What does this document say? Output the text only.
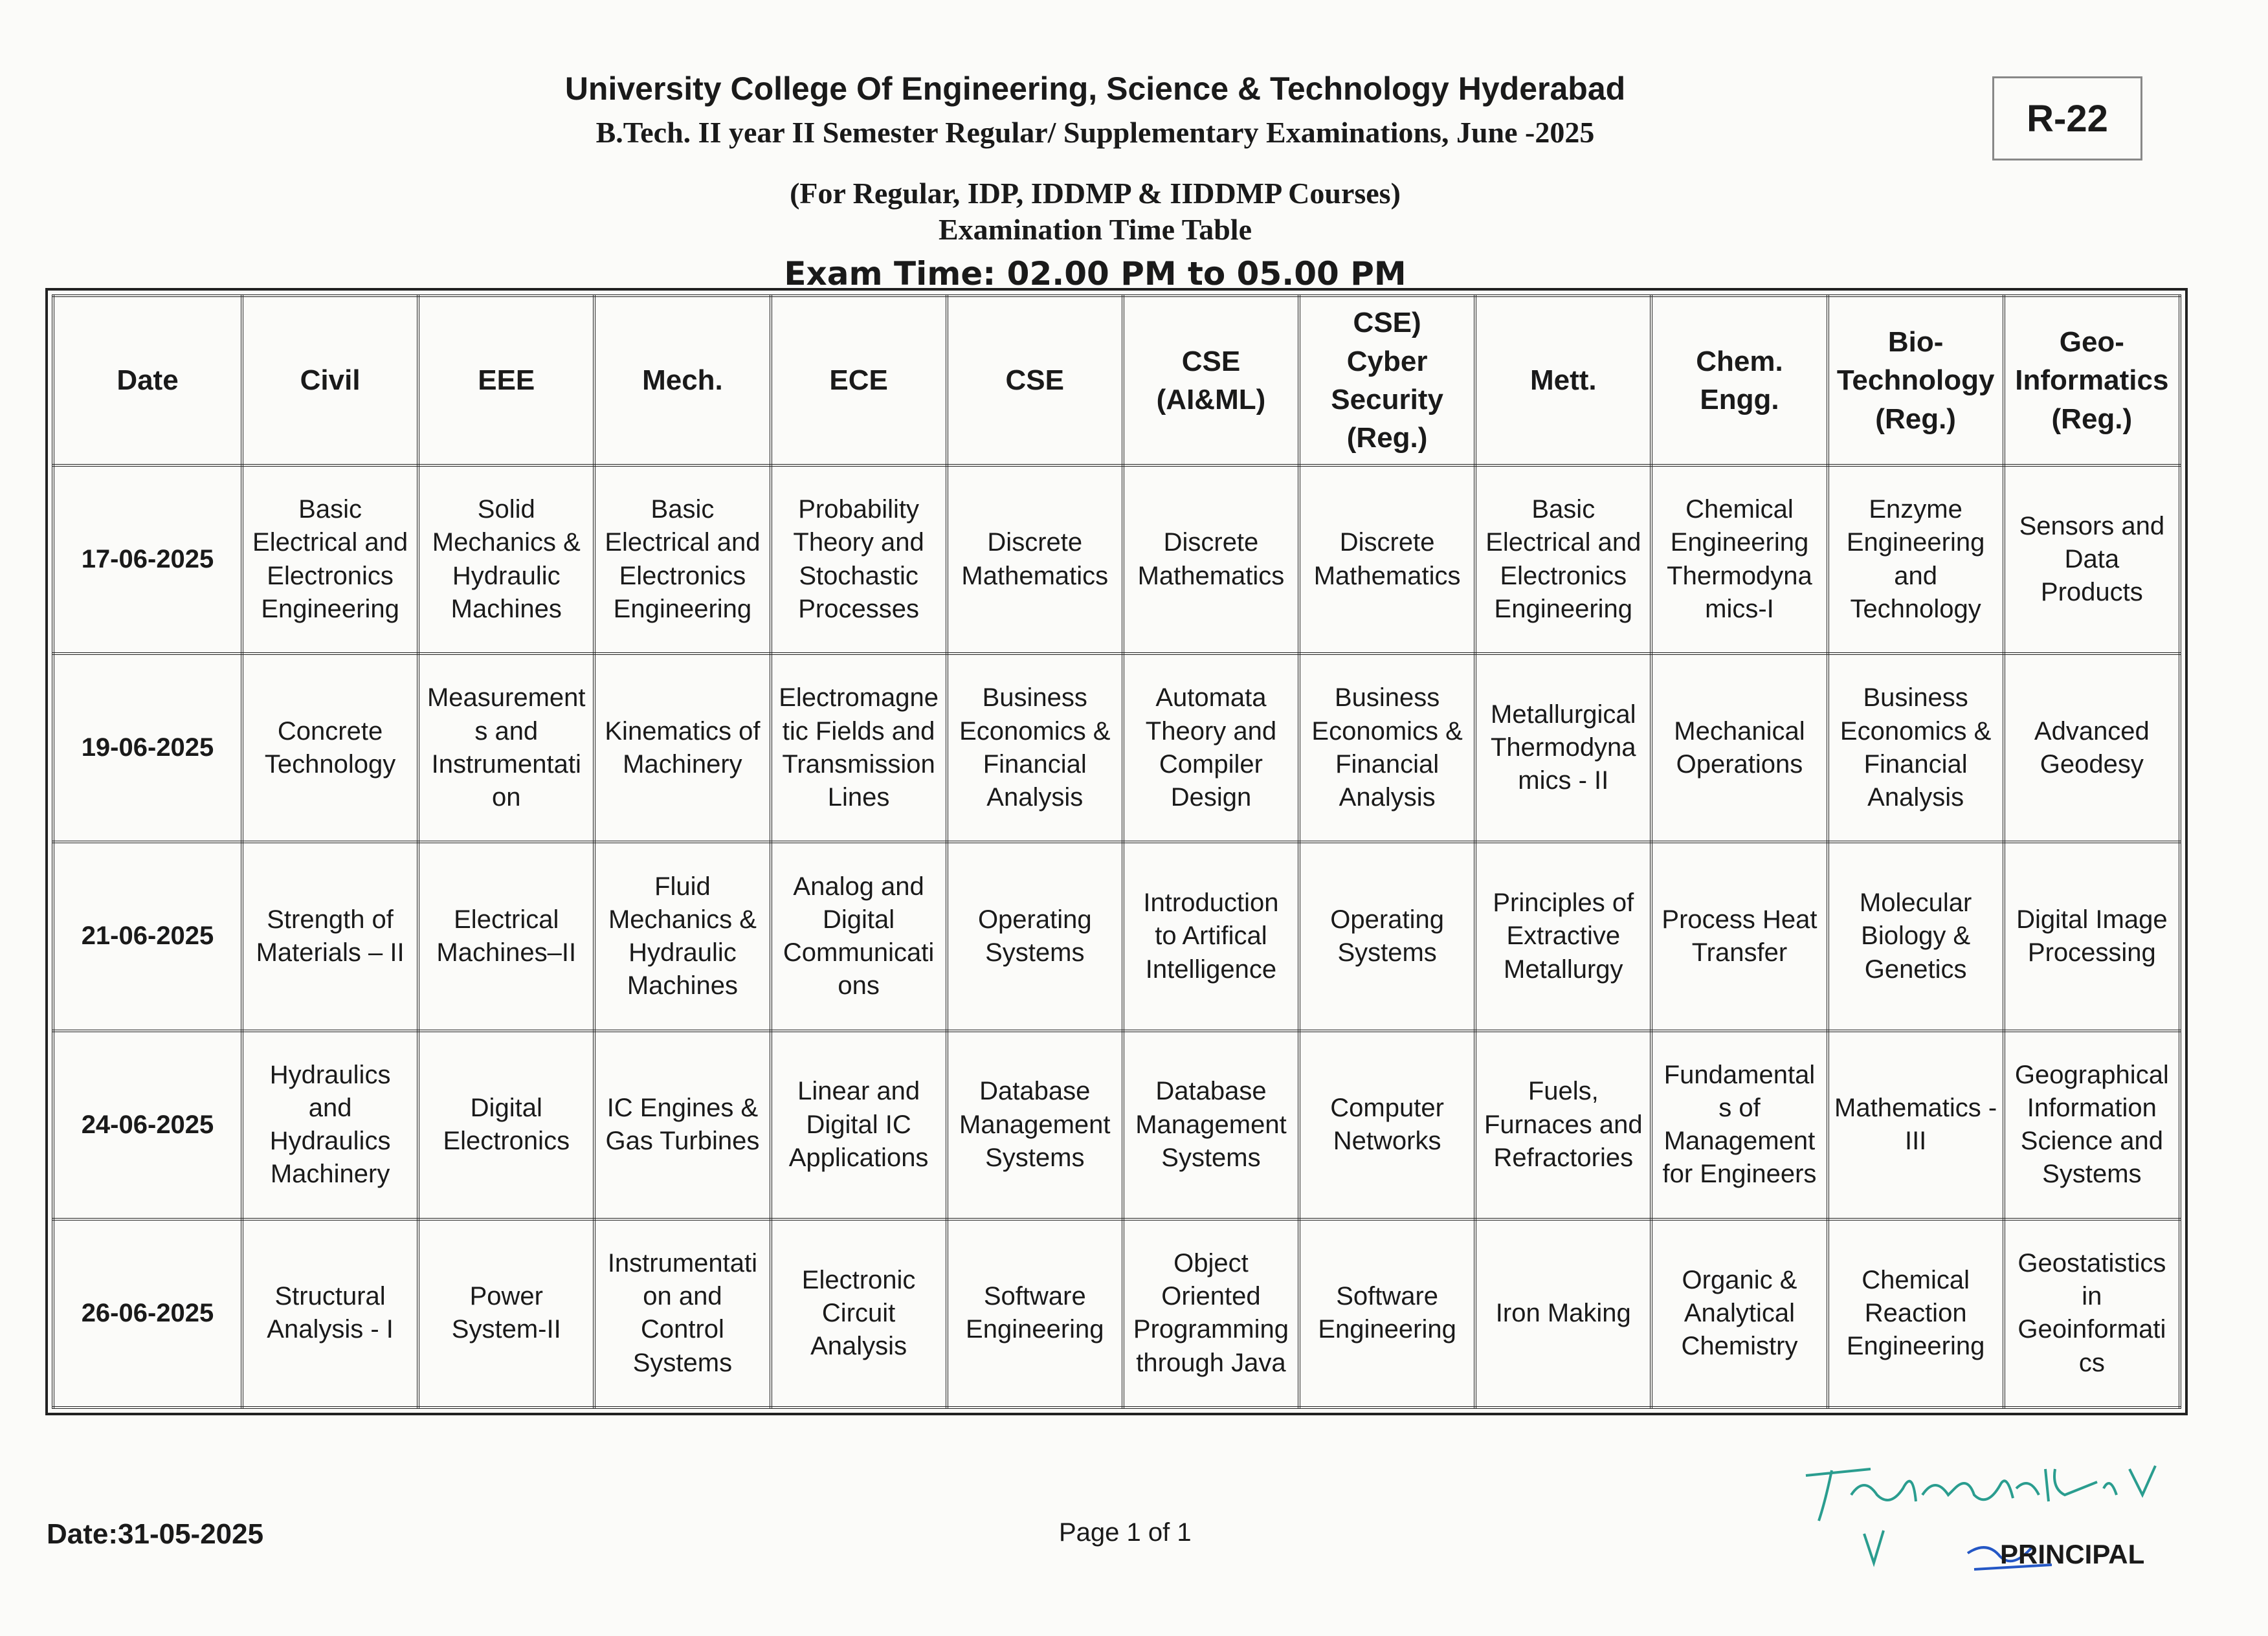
University College Of Engineering, Science & Technology Hyderabad
B.Tech. II year II Semester Regular/ Supplementary Examinations, June -2025
(For Regular, IDP, IDDMP & IIDDMP Courses)
Examination Time Table
Exam Time: 02.00 PM to 05.00 PM
R-22
Date	Civil	EEE	Mech.	ECE	CSE	CSE
(AI&ML)	CSE)
Cyber
Security
(Reg.)	Mett.	Chem.
Engg.	Bio-
Technology
(Reg.)	Geo-
Informatics
(Reg.)
17-06-2025	Basic
Electrical and
Electronics
Engineering	Solid
Mechanics &
Hydraulic
Machines	Basic
Electrical and
Electronics
Engineering	Probability
Theory and
Stochastic
Processes	Discrete
Mathematics	Discrete
Mathematics	Discrete
Mathematics	Basic
Electrical and
Electronics
Engineering	Chemical
Engineering
Thermodyna
mics-I	Enzyme
Engineering
and
Technology	Sensors and
Data
Products
19-06-2025	Concrete
Technology	Measurement
s and
Instrumentati
on	Kinematics of
Machinery	Electromagne
tic Fields and
Transmission
Lines	Business
Economics &
Financial
Analysis	Automata
Theory and
Compiler
Design	Business
Economics &
Financial
Analysis	Metallurgical
Thermodyna
mics - II	Mechanical
Operations	Business
Economics &
Financial
Analysis	Advanced
Geodesy
21-06-2025	Strength of
Materials – II	Electrical
Machines–II	Fluid
Mechanics &
Hydraulic
Machines	Analog and
Digital
Communicati
ons	Operating
Systems	Introduction
to Artifical
Intelligence	Operating
Systems	Principles of
Extractive
Metallurgy	Process Heat
Transfer	Molecular
Biology &
Genetics	Digital Image
Processing
24-06-2025	Hydraulics
and
Hydraulics
Machinery	Digital
Electronics	IC Engines &
Gas Turbines	Linear and
Digital IC
Applications	Database
Management
Systems	Database
Management
Systems	Computer
Networks	Fuels,
Furnaces and
Refractories	Fundamental
s of
Management
for Engineers	Mathematics -
III	Geographical
Information
Science and
Systems
26-06-2025	Structural
Analysis - I	Power
System-II	Instrumentati
on and
Control
Systems	Electronic
Circuit
Analysis	Software
Engineering	Object
Oriented
Programming
through Java	Software
Engineering	Iron Making	Organic &
Analytical
Chemistry	Chemical
Reaction
Engineering	Geostatistics
in
Geoinformati
cs
Date:31-05-2025	Page 1 of 1
PRINCIPAL
